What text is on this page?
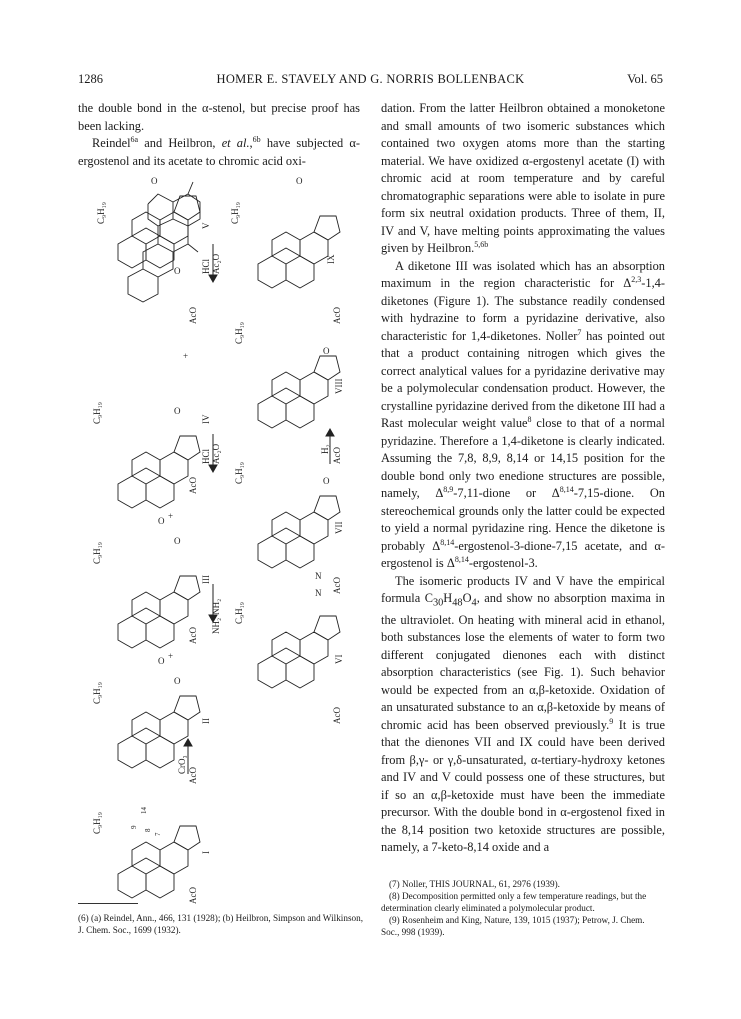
1286	HOMER E. STAVELY AND G. NORRIS BOLLENBACK	Vol. 65

the double bond in the α-stenol, but precise proof has been lacking.

Reindel$^{6a}$ and Heilbron, et al.,$^{6b}$ have subjected α-ergostenol and its acetate to chromic acid oxi-

C₉H₁₉	C₉H₁₉
C₉H₁₉
C₉H₁₉
C₉H₁₉
C₉H₁₉
C₉H₁₉
C₉H₁₉
C₉H₁₉
AcO	AcO
AcO
AcO
AcO
AcO
AcO
AcO
AcO
O	O
O
O
O
O
O
O
O
O
+
+
+
V
HCl Ac₂O	IX
VIII
IV
HCl Ac₂O	H₂
VII
III
NH₂·NH₂
N
N
VI
II
CrO₃
I
9
14
8
7

(6) (a) Reindel, Ann., 466, 131 (1928); (b) Heilbron, Simpson and Wilkinson, J. Chem. Soc., 1699 (1932).

dation. From the latter Heilbron obtained a monoketone and small amounts of two isomeric substances which contained two oxygen atoms more than the starting material. We have oxidized α-ergostenyl acetate (I) with chromic acid at room temperature and by careful chromatographic separations were able to isolate in pure form six neutral oxidation products. Three of them, II, IV and V, have melting points approximating the values given by Heilbron.$^{5,6b}$

A diketone III was isolated which has an absorption maximum in the region characteristic for Δ$^{2,3}$-1,4-diketones (Figure 1). The substance readily condensed with hydrazine to form a pyridazine derivative, also characteristic for 1,4-diketones. Noller$^7$ has pointed out that a product containing nitrogen which gives the correct analytical values for a pyridazine derivative may be a polymolecular condensation product. However, the crystalline pyridazine derived from the diketone III had a Rast molecular weight value$^8$ close to that of a normal pyridazine. Therefore a 1,4-diketone is clearly indicated. Assuming the 7,8, 8,9, 8,14 or 14,15 position for the double bond only two enedione structures are possible, namely, Δ$^{8,9}$-7,11-dione or Δ$^{8,14}$-7,15-dione. On stereochemical grounds only the latter could be expected to yield a normal pyridazine ring. Hence the diketone is probably Δ$^{8,14}$-ergostenol-3-dione-7,15 acetate, and α-ergostenol is Δ$^{8,14}$-ergostenol-3.

The isomeric products IV and V have the empirical formula $C_{30}H_{48}O_4$, and show no absorption maxima in the ultraviolet. On heating with mineral acid in ethanol, both substances lose the elements of water to form two different conjugated dienones each with distinct absorption characteristics (see Fig. 1). Such behavior would be expected from an α,β-ketoxide. Oxidation of an unsaturated substance to an α,β-ketoxide by means of chromic acid has been observed previously.$^9$ It is true that the dienones VII and IX could have been derived from β,γ- or γ,δ-unsaturated, α-tertiary-hydroxy ketones and IV and V could possess one of these structures, but if so an α,β-ketoxide must have been the immediate precursor. With the double bond in α-ergostenol fixed in the 8,14 position two ketoxide structures are possible, namely, a 7-keto-8,14 oxide and a

(7) Noller, THIS JOURNAL, 61, 2976 (1939).

(8) Decomposition permitted only a few temperature readings, but the determination clearly eliminated a polymolecular product.

(9) Rosenheim and King, Nature, 139, 1015 (1937); Petrow, J. Chem. Soc., 998 (1939).
